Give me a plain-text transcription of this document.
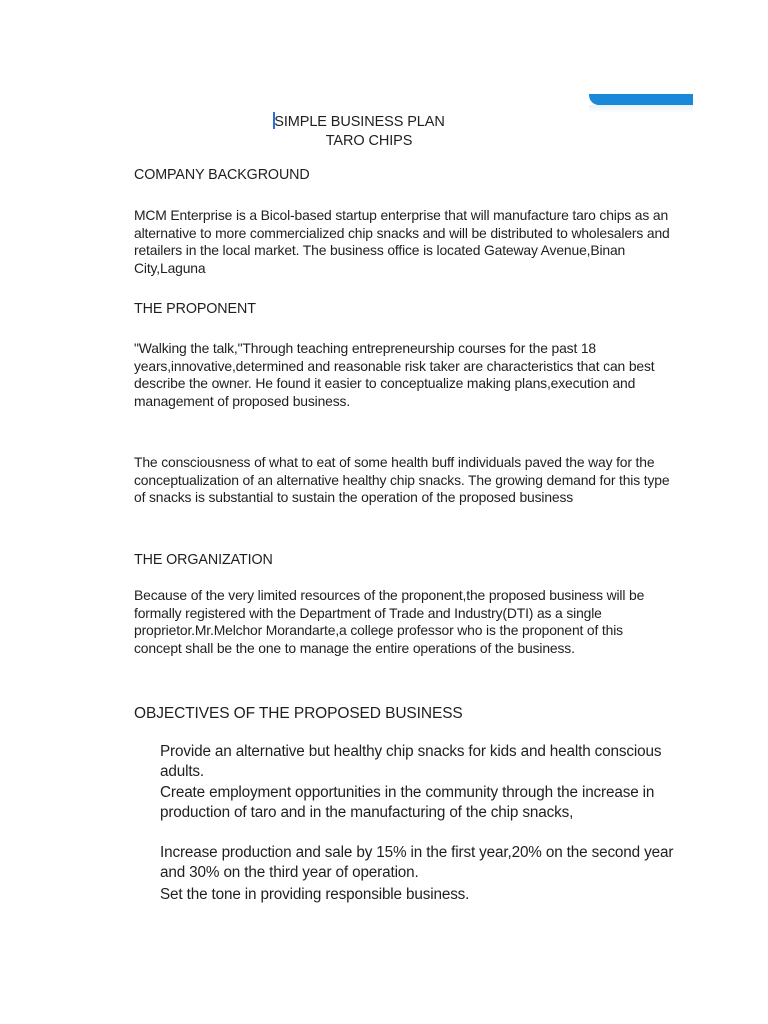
SIMPLE BUSINESS PLAN
TARO CHIPS
COMPANY BACKGROUND

MCM Enterprise is a Bicol-based startup enterprise that will manufacture taro chips as an alternative to more commercialized chip snacks and will be distributed to wholesalers and retailers in the local market. The business office is located Gateway Avenue,Binan City,Laguna

THE PROPONENT

"Walking the talk,"Through teaching entrepreneurship courses for the past 18 years,innovative,determined and reasonable risk taker are characteristics that can best describe the owner. He found it easier to conceptualize making plans,execution and management of proposed business.

The consciousness of what to eat of some health buff individuals paved the way for the conceptualization of an alternative healthy chip snacks. The growing demand for this type of snacks is substantial to sustain the operation of the proposed business

THE ORGANIZATION

Because of the very limited resources of the proponent,the proposed business will be formally registered with the Department of Trade and Industry(DTI) as a single proprietor.Mr.Melchor Morandarte,a college professor who is the proponent of this concept shall be the one to manage the entire operations of the business.

OBJECTIVES OF THE PROPOSED BUSINESS

Provide an alternative but healthy chip snacks for kids and health conscious adults.

Create employment opportunities in the community through the increase in production of taro and in the manufacturing of the chip snacks,

Increase production and sale by 15% in the first year,20% on the second year and 30% on the third year of operation.

Set the tone in providing responsible business.
